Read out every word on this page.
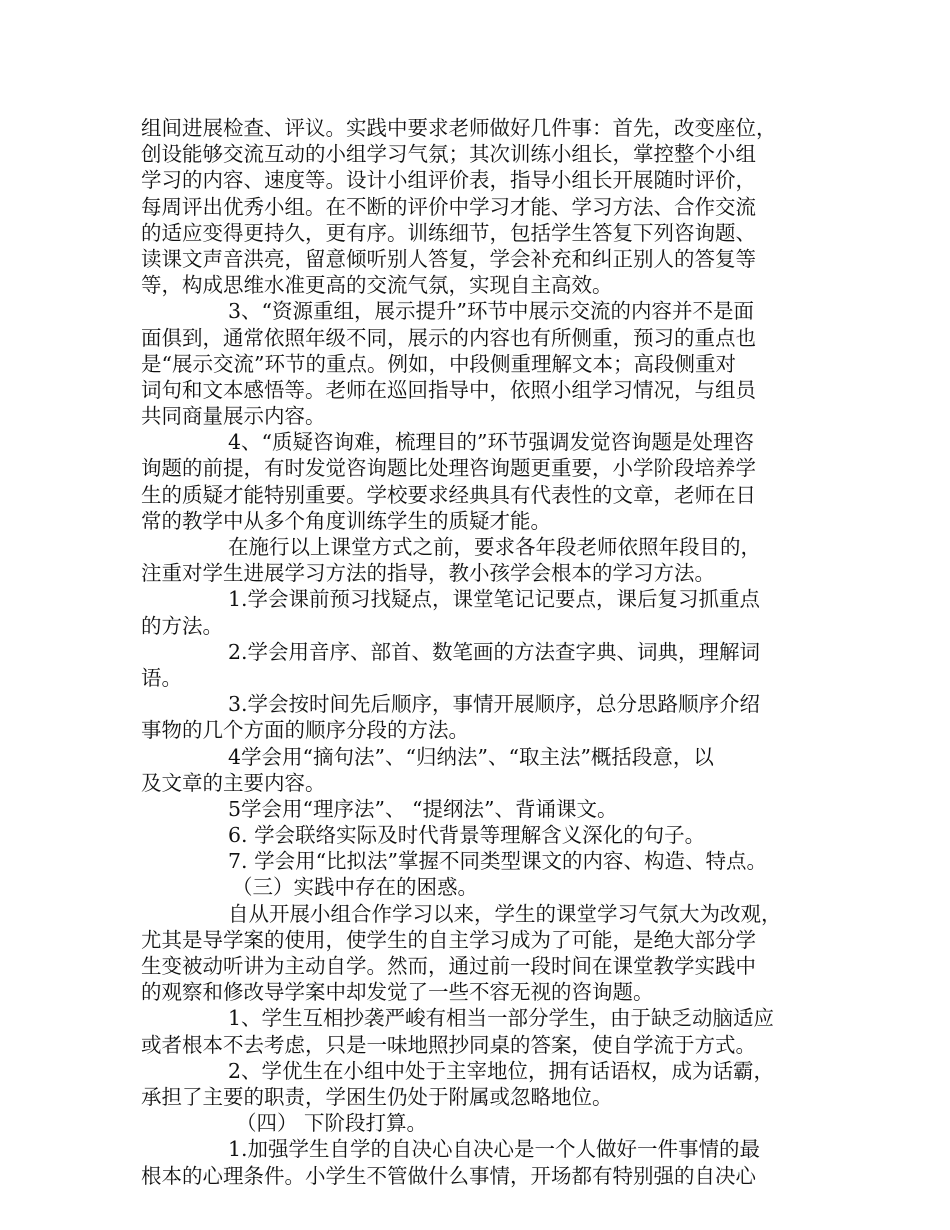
组间进展检查、评议。实践中要求老师做好几件事：首先，改变座位，
创设能够交流互动的小组学习气氛；其次训练小组长，掌控整个小组
学习的内容、速度等。设计小组评价表，指导小组长开展随时评价，
每周评出优秀小组。在不断的评价中学习才能、学习方法、合作交流
的适应变得更持久，更有序。训练细节，包括学生答复下列咨询题、
读课文声音洪亮，留意倾听别人答复，学会补充和纠正别人的答复等
等，构成思维水准更高的交流气氛，实现自主高效。
3、“资源重组，展示提升”环节中展示交流的内容并不是面
面俱到，通常依照年级不同，展示的内容也有所侧重，预习的重点也
是“展示交流”环节的重点。例如，中段侧重理解文本；高段侧重对
词句和文本感悟等。老师在巡回指导中，依照小组学习情况，与组员
共同商量展示内容。
4、“质疑咨询难，梳理目的”环节强调发觉咨询题是处理咨
询题的前提，有时发觉咨询题比处理咨询题更重要，小学阶段培养学
生的质疑才能特别重要。学校要求经典具有代表性的文章，老师在日
常的教学中从多个角度训练学生的质疑才能。
在施行以上课堂方式之前，要求各年段老师依照年段目的，
注重对学生进展学习方法的指导，教小孩学会根本的学习方法。
1.学会课前预习找疑点，课堂笔记记要点，课后复习抓重点
的方法。
2.学会用音序、部首、数笔画的方法查字典、词典，理解词
语。
3.学会按时间先后顺序，事情开展顺序，总分思路顺序介绍
事物的几个方面的顺序分段的方法。
4学会用“摘句法”、“归纳法”、“取主法”概括段意，以
及文章的主要内容。
5学会用“理序法”、 “提纲法”、背诵课文。
6. 学会联络实际及时代背景等理解含义深化的句子。
7. 学会用“比拟法”掌握不同类型课文的内容、构造、特点。
（三）实践中存在的困惑。
自从开展小组合作学习以来，学生的课堂学习气氛大为改观，
尤其是导学案的使用，使学生的自主学习成为了可能，是绝大部分学
生变被动听讲为主动自学。然而，通过前一段时间在课堂教学实践中
的观察和修改导学案中却发觉了一些不容无视的咨询题。
1、学生互相抄袭严峻有相当一部分学生，由于缺乏动脑适应
或者根本不去考虑，只是一味地照抄同桌的答案，使自学流于方式。
2、学优生在小组中处于主宰地位，拥有话语权，成为话霸，
承担了主要的职责，学困生仍处于附属或忽略地位。
（四） 下阶段打算。
1.加强学生自学的自决心自决心是一个人做好一件事情的最
根本的心理条件。小学生不管做什么事情，开场都有特别强的自决心
